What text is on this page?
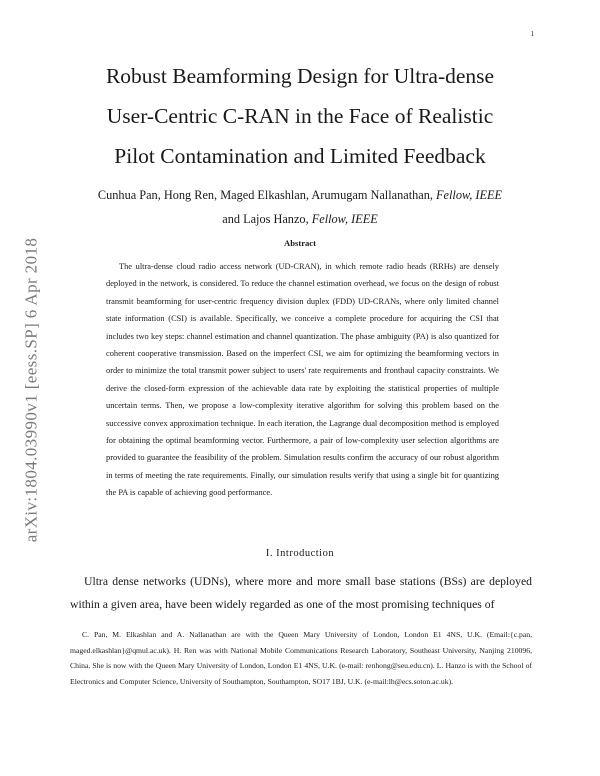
1
arXiv:1804.03990v1 [eess.SP] 6 Apr 2018
Robust Beamforming Design for Ultra-dense
User-Centric C-RAN in the Face of Realistic
Pilot Contamination and Limited Feedback
Cunhua Pan, Hong Ren, Maged Elkashlan, Arumugam Nallanathan, Fellow, IEEE
and Lajos Hanzo, Fellow, IEEE
Abstract

The ultra-dense cloud radio access network (UD-CRAN), in which remote radio heads (RRHs) are densely deployed in the network, is considered. To reduce the channel estimation overhead, we focus on the design of robust transmit beamforming for user-centric frequency division duplex (FDD) UD-CRANs, where only limited channel state information (CSI) is available. Specifically, we conceive a complete procedure for acquiring the CSI that includes two key steps: channel estimation and channel quantization. The phase ambiguity (PA) is also quantized for coherent cooperative transmission. Based on the imperfect CSI, we aim for optimizing the beamforming vectors in order to minimize the total transmit power subject to users' rate requirements and fronthaul capacity constraints. We derive the closed-form expression of the achievable data rate by exploiting the statistical properties of multiple uncertain terms. Then, we propose a low-complexity iterative algorithm for solving this problem based on the successive convex approximation technique. In each iteration, the Lagrange dual decomposition method is employed for obtaining the optimal beamforming vector. Furthermore, a pair of low-complexity user selection algorithms are provided to guarantee the feasibility of the problem. Simulation results confirm the accuracy of our robust algorithm in terms of meeting the rate requirements. Finally, our simulation results verify that using a single bit for quantizing the PA is capable of achieving good performance.

I. Introduction

Ultra dense networks (UDNs), where more and more small base stations (BSs) are deployed within a given area, have been widely regarded as one of the most promising techniques of

C. Pan, M. Elkashlan and A. Nallanathan are with the Queen Mary University of London, London E1 4NS, U.K. (Email:{c.pan, maged.elkashlan}@qmul.ac.uk). H. Ren was with National Mobile Communications Research Laboratory, Southeast University, Nanjing 210096, China. She is now with the Queen Mary University of London, London E1 4NS, U.K. (e-mail: renhong@seu.edu.cn). L. Hanzo is with the School of Electronics and Computer Science, University of Southampton, Southampton, SO17 1BJ, U.K. (e-mail:lh@ecs.soton.ac.uk).
